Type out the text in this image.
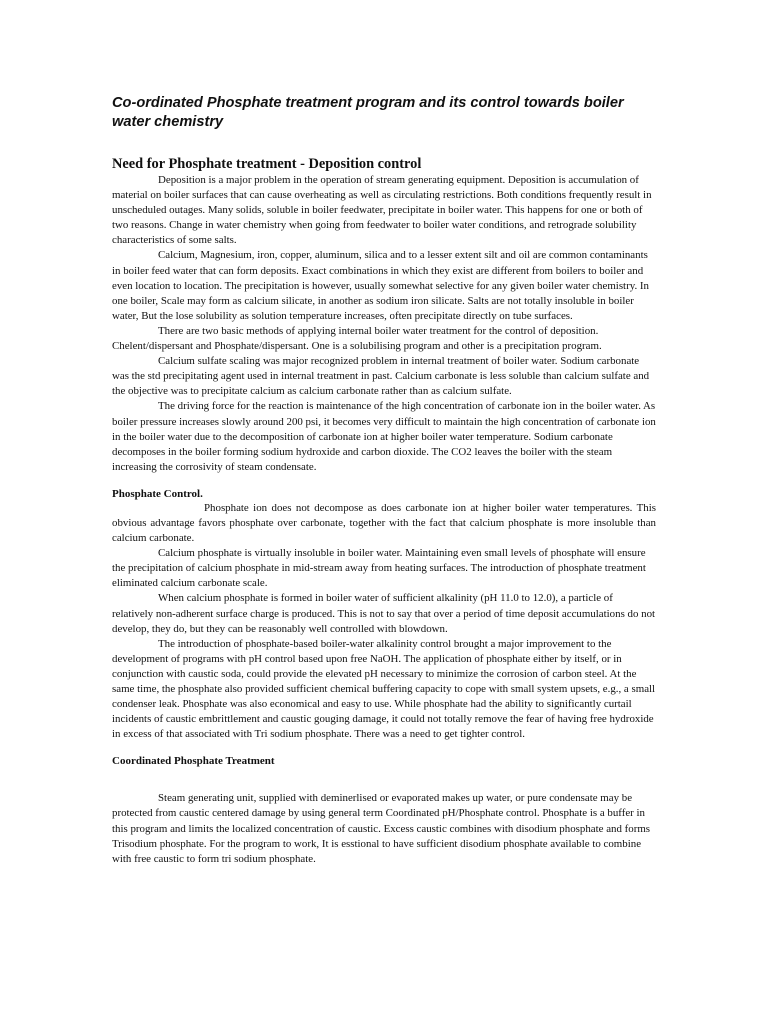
Co-ordinated Phosphate treatment program and its control towards boiler water chemistry
Need for Phosphate treatment - Deposition control

Deposition is a major problem in the operation of stream generating equipment. Deposition is accumulation of material on boiler surfaces that can cause overheating as well as circulating restrictions. Both conditions frequently result in unscheduled outages. Many solids, soluble in boiler feedwater, precipitate in boiler water. This happens for one or both of two reasons. Change in water chemistry when going from feedwater to boiler water conditions, and retrograde solubility characteristics of some salts.

Calcium, Magnesium, iron, copper, aluminum, silica and to a lesser extent silt and oil are common contaminants in boiler feed water that can form deposits. Exact combinations in which they exist are different from boilers to boiler and even location to location. The precipitation is however, usually somewhat selective for any given boiler water chemistry. In one boiler, Scale may form as calcium silicate, in another as sodium iron silicate. Salts are not totally insoluble in boiler water, But the lose solubility as solution temperature increases, often precipitate directly on tube surfaces.

There are two basic methods of applying internal boiler water treatment for the control of deposition. Chelent/dispersant and Phosphate/dispersant. One is a solubilising program and other is a precipitation program.

Calcium sulfate scaling was major recognized problem in internal treatment of boiler water. Sodium carbonate was the std precipitating agent used in internal treatment in past. Calcium carbonate is less soluble than calcium sulfate and the objective was to precipitate calcium as calcium carbonate rather than as calcium sulfate.

The driving force for the reaction is maintenance of the high concentration of carbonate ion in the boiler water. As boiler pressure increases slowly around 200 psi, it becomes very difficult to maintain the high concentration of carbonate ion in the boiler water due to the decomposition of carbonate ion at higher boiler water temperature. Sodium carbonate decomposes in the boiler forming sodium hydroxide and carbon dioxide. The CO2 leaves the boiler with the steam increasing the corrosivity of steam condensate.

Phosphate Control.

Phosphate ion does not decompose as does carbonate ion at higher boiler water temperatures. This obvious advantage favors phosphate over carbonate, together with the fact that calcium phosphate is more insoluble than calcium carbonate.

Calcium phosphate is virtually insoluble in boiler water. Maintaining even small levels of phosphate will ensure the precipitation of calcium phosphate in mid-stream away from heating surfaces. The introduction of phosphate treatment eliminated calcium carbonate scale.

When calcium phosphate is formed in boiler water of sufficient alkalinity (pH 11.0 to 12.0), a particle of relatively non-adherent surface charge is produced. This is not to say that over a period of time deposit accumulations do not develop, they do, but they can be reasonably well controlled with blowdown.

The introduction of phosphate-based boiler-water alkalinity control brought a major improvement to the development of programs with pH control based upon free NaOH. The application of phosphate either by itself, or in conjunction with caustic soda, could provide the elevated pH necessary to minimize the corrosion of carbon steel. At the same time, the phosphate also provided sufficient chemical buffering capacity to cope with small system upsets, e.g., a small condenser leak. Phosphate was also economical and easy to use. While phosphate had the ability to significantly curtail incidents of caustic embrittlement and caustic gouging damage, it could not totally remove the fear of having free hydroxide in excess of that associated with Tri sodium phosphate. There was a need to get tighter control.

Coordinated Phosphate Treatment

Steam generating unit, supplied with deminerlised or evaporated makes up water, or pure condensate may be protected from caustic centered damage by using general term Coordinated pH/Phosphate control. Phosphate is a buffer in this program and limits the localized concentration of caustic. Excess caustic combines with disodium phosphate and forms Trisodium phosphate. For the program to work, It is esstional to have sufficient disodium phosphate available to combine with free caustic to form tri sodium phosphate.
